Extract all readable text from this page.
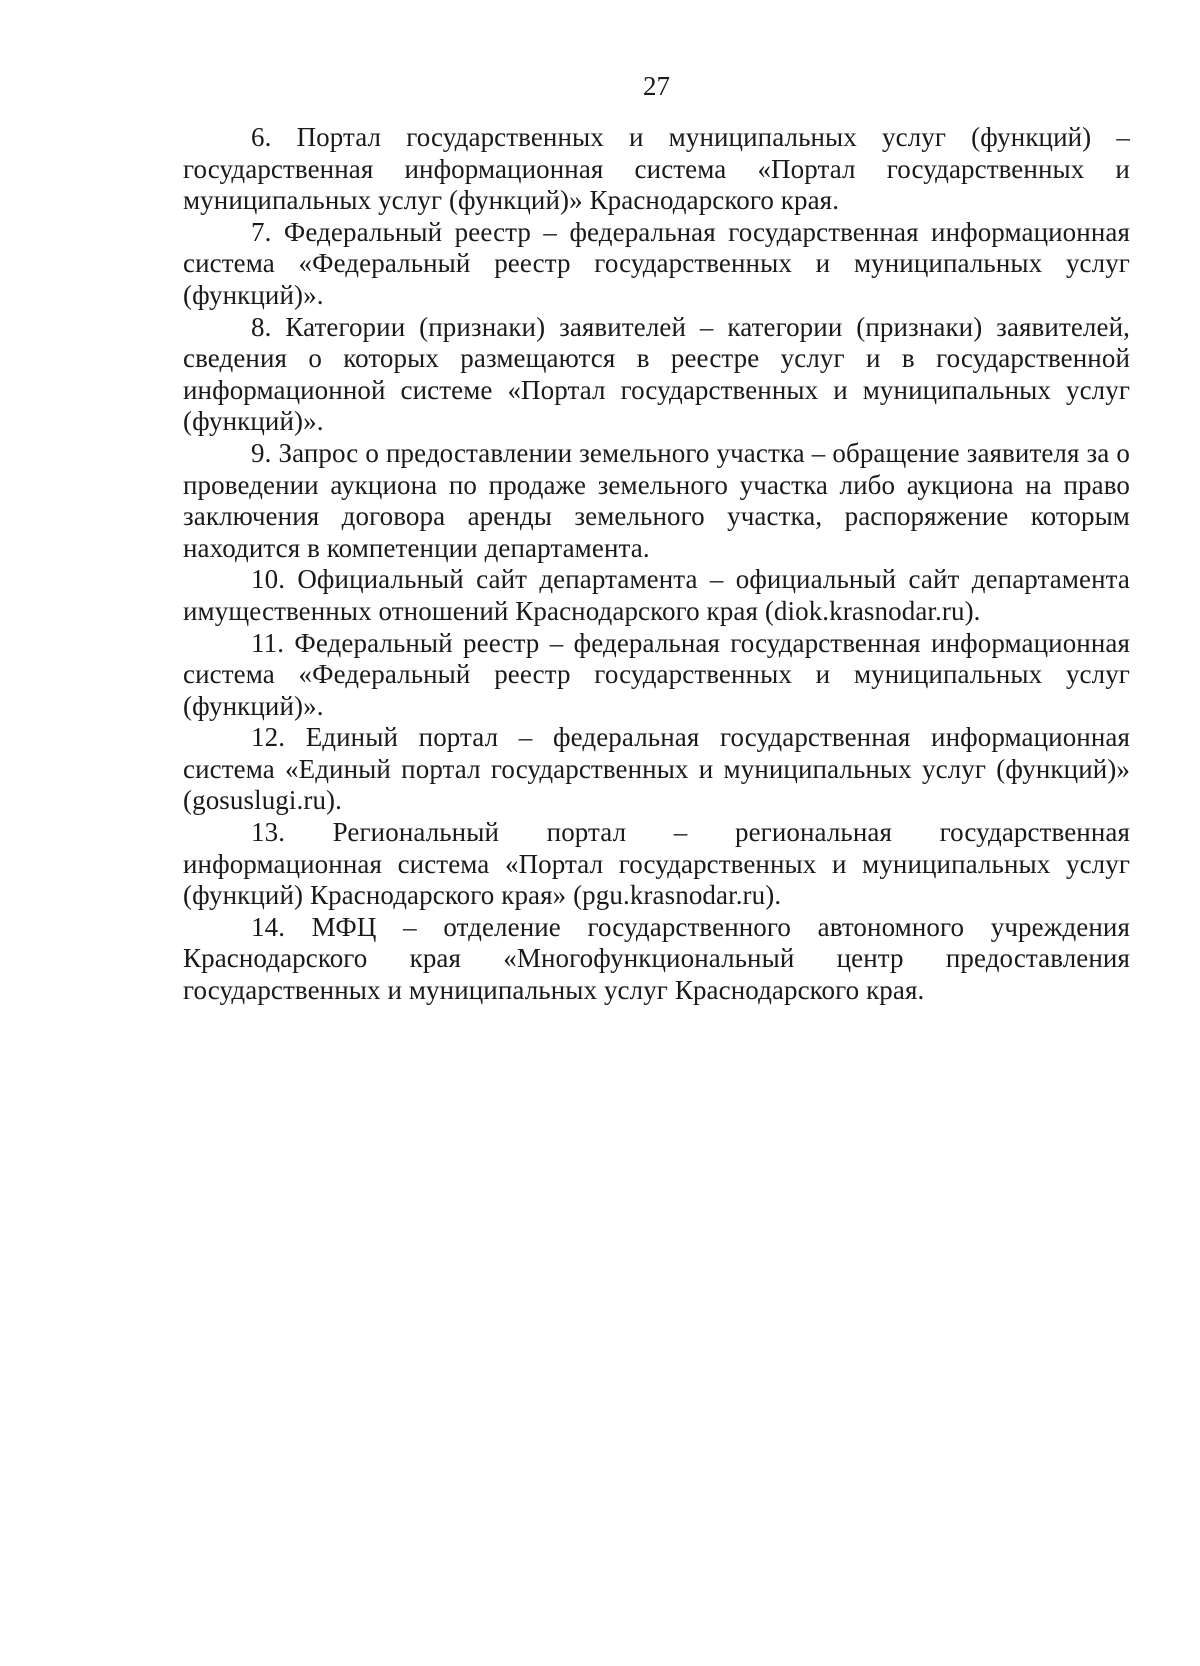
27

6. Портал государственных и муниципальных услуг (функций) – государственная информационная система «Портал государственных и муниципальных услуг (функций)» Краснодарского края.

7. Федеральный реестр – федеральная государственная информационная система «Федеральный реестр государственных и муниципальных услуг (функций)».

8. Категории (признаки) заявителей – категории (признаки) заявителей, сведения о которых размещаются в реестре услуг и в государственной информационной системе «Портал государственных и муниципальных услуг (функций)».

9. Запрос о предоставлении земельного участка – обращение заявителя за о проведении аукциона по продаже земельного участка либо аукциона на право заключения договора аренды земельного участка, распоряжение которым находится в компетенции департамента.

10. Официальный сайт департамента – официальный сайт департамента имущественных отношений Краснодарского края (diok.krasnodar.ru).

11. Федеральный реестр – федеральная государственная информационная система «Федеральный реестр государственных и муниципальных услуг (функций)».

12. Единый портал – федеральная государственная информационная система «Единый портал государственных и муниципальных услуг (функций)» (gosuslugi.ru).

13. Региональный портал – региональная государственная информационная система «Портал государственных и муниципальных услуг (функций) Краснодарского края» (pgu.krasnodar.ru).

14. МФЦ – отделение государственного автономного учреждения Краснодарского края «Многофункциональный центр предоставления государственных и муниципальных услуг Краснодарского края.
